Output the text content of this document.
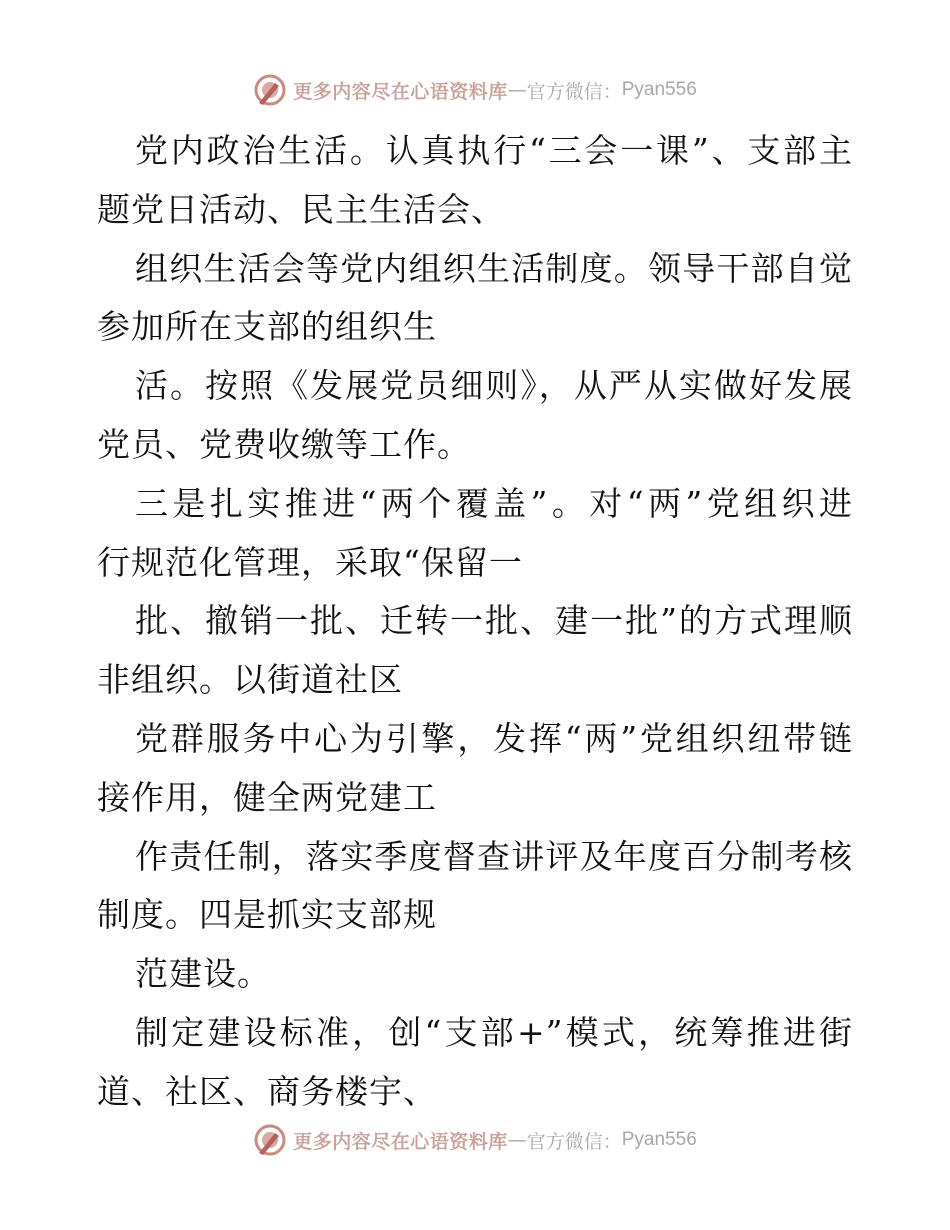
更多内容尽在心语资料库 — 官方微信： Pyan556
党内政治生活。认真执行“三会一课”、支部主
题党日活动、民主生活会、
组织生活会等党内组织生活制度。领导干部自觉
参加所在支部的组织生
活。按照《发展党员细则》，从严从实做好发展
党员、党费收缴等工作。
三是扎实推进“两个覆盖”。对“两”党组织进
行规范化管理，采取“保留一
批、撤销一批、迁转一批、建一批”的方式理顺
非组织。以街道社区
党群服务中心为引擎，发挥“两”党组织纽带链
接作用，健全两党建工
作责任制，落实季度督查讲评及年度百分制考核
制度。四是抓实支部规
范建设。
制定建设标准，创“支部+”模式，统筹推进街
道、社区、商务楼宇、
更多内容尽在心语资料库 — 官方微信： Pyan556
